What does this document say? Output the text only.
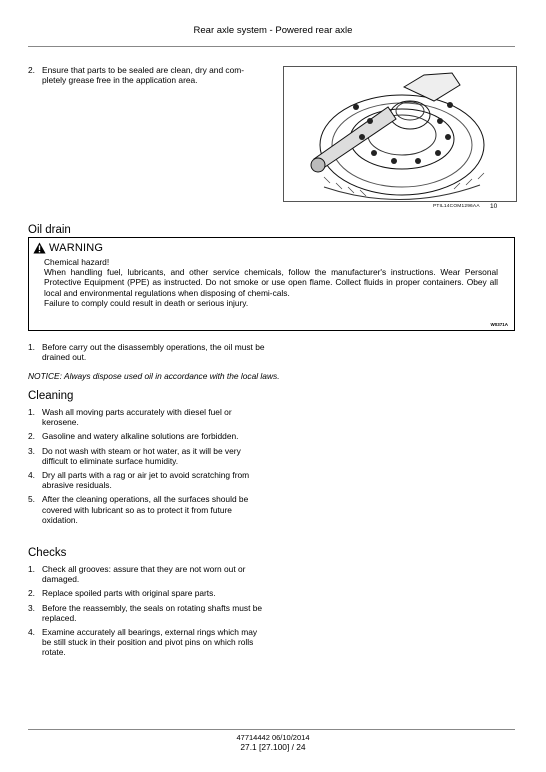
Rear axle system - Powered rear axle
2. Ensure that parts to be sealed are clean, dry and com-pletely grease free in the application area.
PTIL14COM1296AA 10
Oil drain
WARNING
Chemical hazard!
When handling fuel, lubricants, and other service chemicals, follow the manufacturer's instructions. Wear Personal Protective Equipment (PPE) as instructed. Do not smoke or use open flame. Collect fluids in proper containers. Obey all local and environmental regulations when disposing of chemi-cals.
Failure to comply could result in death or serious injury.
W0371A
1. Before carry out the disassembly operations, the oil must be drained out.
NOTICE: Always dispose used oil in accordance with the local laws.
Cleaning
1. Wash all moving parts accurately with diesel fuel or kerosene.
2. Gasoline and watery alkaline solutions are forbidden.
3. Do not wash with steam or hot water, as it will be very difficult to eliminate surface humidity.
4. Dry all parts with a rag or air jet to avoid scratching from abrasive residuals.
5. After the cleaning operations, all the surfaces should be covered with lubricant so as to protect it from future oxidation.
Checks
1. Check all grooves: assure that they are not worn out or damaged.
2. Replace spoiled parts with original spare parts.
3. Before the reassembly, the seals on rotating shafts must be replaced.
4. Examine accurately all bearings, external rings which may be still stuck in their position and pivot pins on which rolls rotate.
47714442 06/10/2014
27.1 [27.100] / 24
